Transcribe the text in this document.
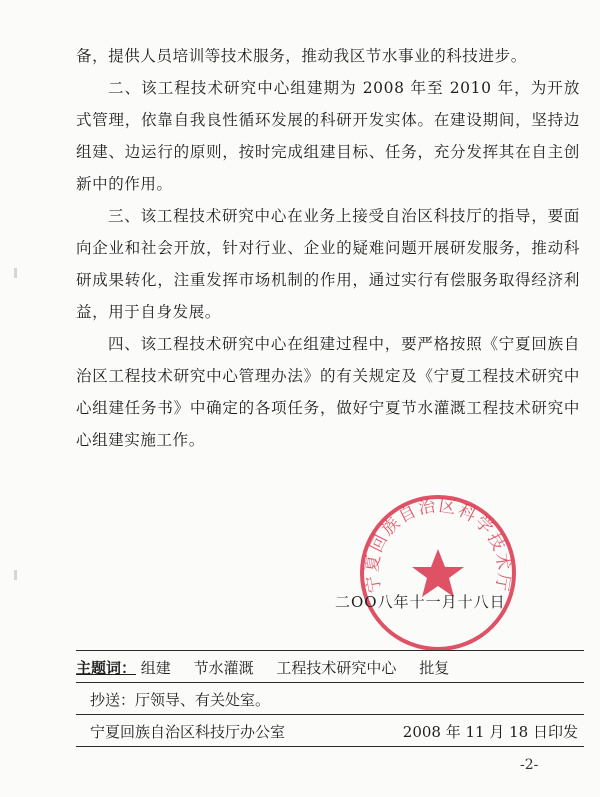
备，提供人员培训等技术服务，推动我区节水事业的科技进步。

二、该工程技术研究中心组建期为 2008 年至 2010 年，为开放式管理，依靠自我良性循环发展的科研开发实体。在建设期间，坚持边组建、边运行的原则，按时完成组建目标、任务，充分发挥其在自主创新中的作用。

三、该工程技术研究中心在业务上接受自治区科技厅的指导，要面向企业和社会开放，针对行业、企业的疑难问题开展研发服务，推动科研成果转化，注重发挥市场机制的作用，通过实行有偿服务取得经济利益，用于自身发展。

四、该工程技术研究中心在组建过程中，要严格按照《宁夏回族自治区工程技术研究中心管理办法》的有关规定及《宁夏工程技术研究中心组建任务书》中确定的各项任务，做好宁夏节水灌溉工程技术研究中心组建实施工作。

宁夏回族自治区科学技术厅
二OO八年十一月十八日
主题词： 组建 节水灌溉 工程技术研究中心 批复
抄送：厅领导、有关处室。
宁夏回族自治区科技厅办公室	2008 年 11 月 18 日印发
-2-
